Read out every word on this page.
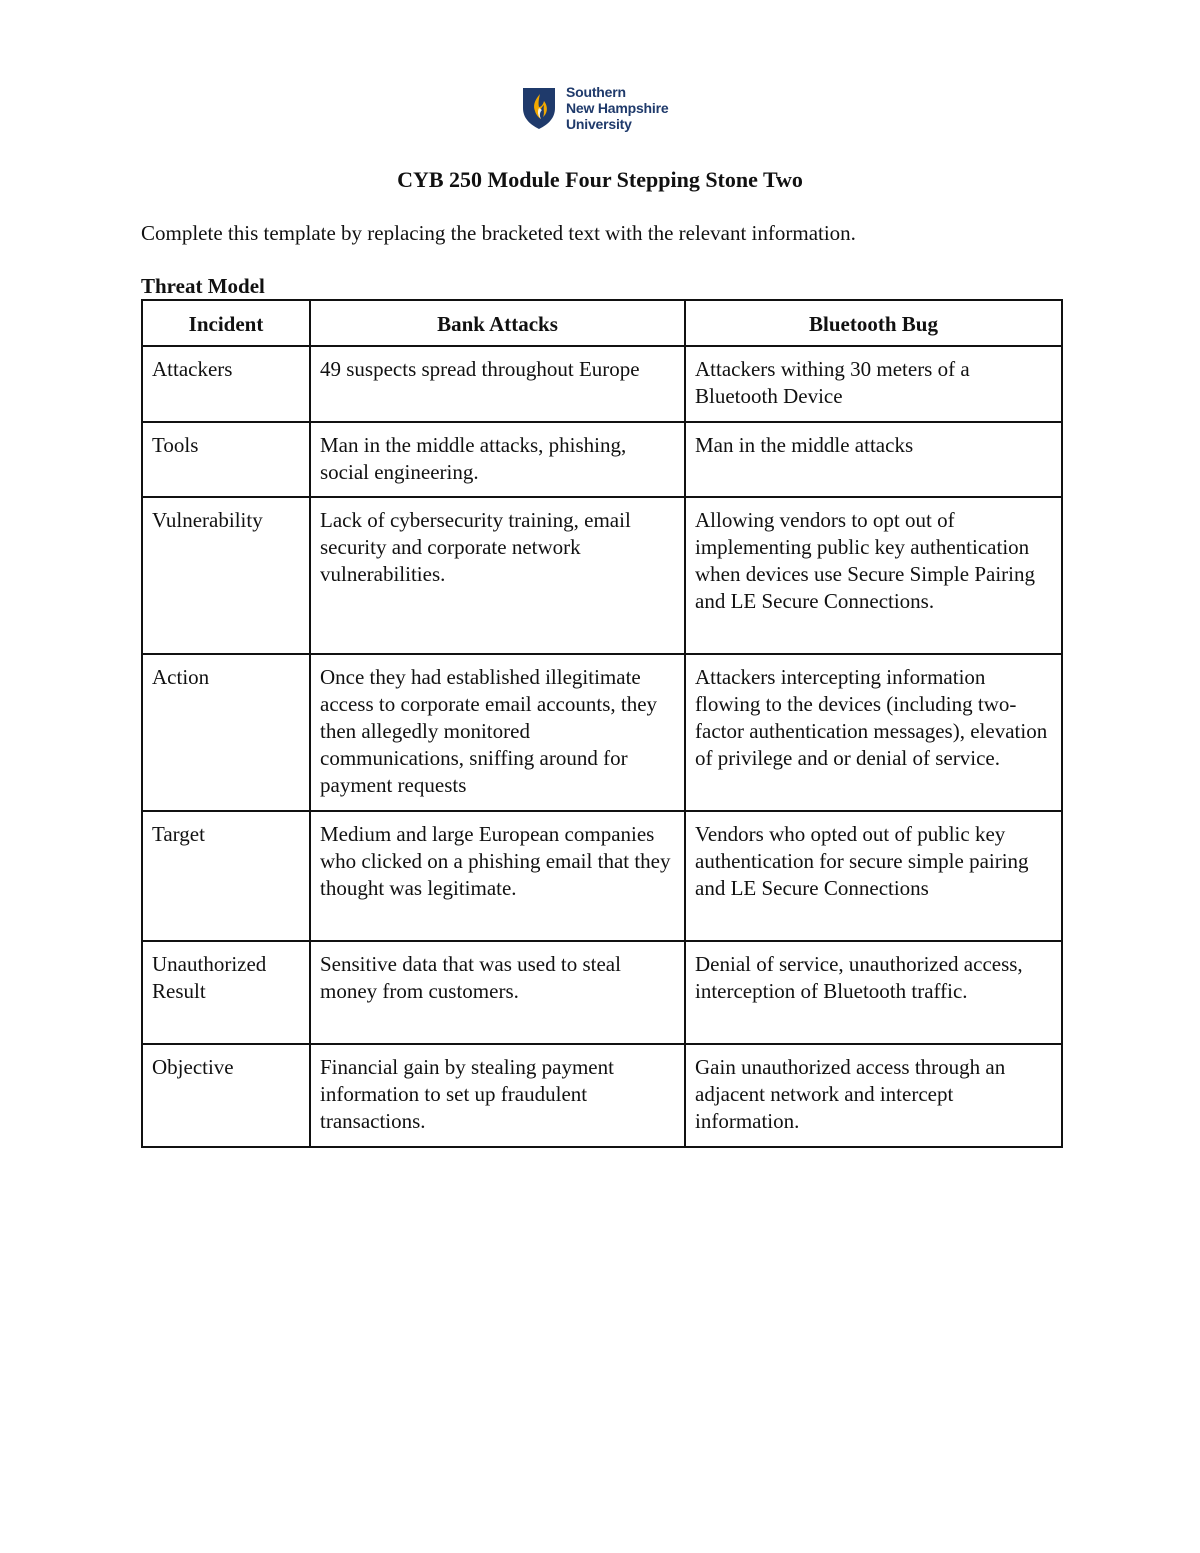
Southern
New Hampshire
University
CYB 250 Module Four Stepping Stone Two
Complete this template by replacing the bracketed text with the relevant information.
Threat Model
Incident	Bank Attacks	Bluetooth Bug
Attackers	49 suspects spread throughout Europe	Attackers withing 30 meters of a Bluetooth Device
Tools	Man in the middle attacks, phishing, social engineering.	Man in the middle attacks
Vulnerability	Lack of cybersecurity training, email security and corporate network vulnerabilities.	Allowing vendors to opt out of implementing public key authentication when devices use Secure Simple Pairing and LE Secure Connections.
Action	Once they had established illegitimate access to corporate email accounts, they then allegedly monitored communications, sniffing around for payment requests	Attackers intercepting information flowing to the devices (including two-factor authentication messages), elevation of privilege and or denial of service.
Target	Medium and large European companies who clicked on a phishing email that they thought was legitimate.	Vendors who opted out of public key authentication for secure simple pairing and LE Secure Connections
Unauthorized Result	Sensitive data that was used to steal money from customers.	Denial of service, unauthorized access, interception of Bluetooth traffic.
Objective	Financial gain by stealing payment information to set up fraudulent transactions.	Gain unauthorized access through an adjacent network and intercept information.
